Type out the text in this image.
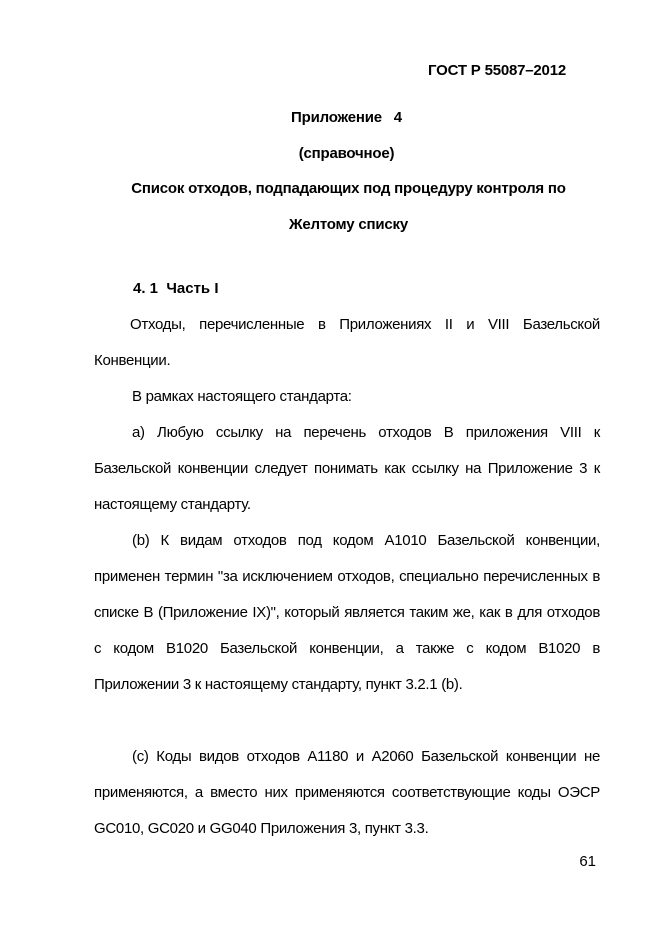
ГОСТ Р 55087–2012
Приложение   4
(справочное)
Список отходов, подпадающих под процедуру контроля по
Желтому списку
4. 1  Часть I
Отходы, перечисленные в Приложениях II и VIII Базельской Конвенции.
В рамках настоящего стандарта:
а) Любую ссылку на перечень отходов В приложения VIII к Базельской конвенции следует понимать как ссылку на Приложение 3 к настоящему стандарту.
(b) К видам отходов под кодом А1010 Базельской конвенции, применен термин "за исключением отходов, специально перечисленных в списке В (Приложение IX)", который является таким же, как в для отходов с кодом В1020 Базельской конвенции, а также с кодом В1020 в Приложении 3 к настоящему стандарту, пункт 3.2.1 (b).
(c) Коды видов отходов А1180 и А2060 Базельской конвенции не применяются, а вместо них применяются соответствующие коды ОЭСР   GC010, GC020 и GG040 Приложения 3, пункт 3.3.
61
